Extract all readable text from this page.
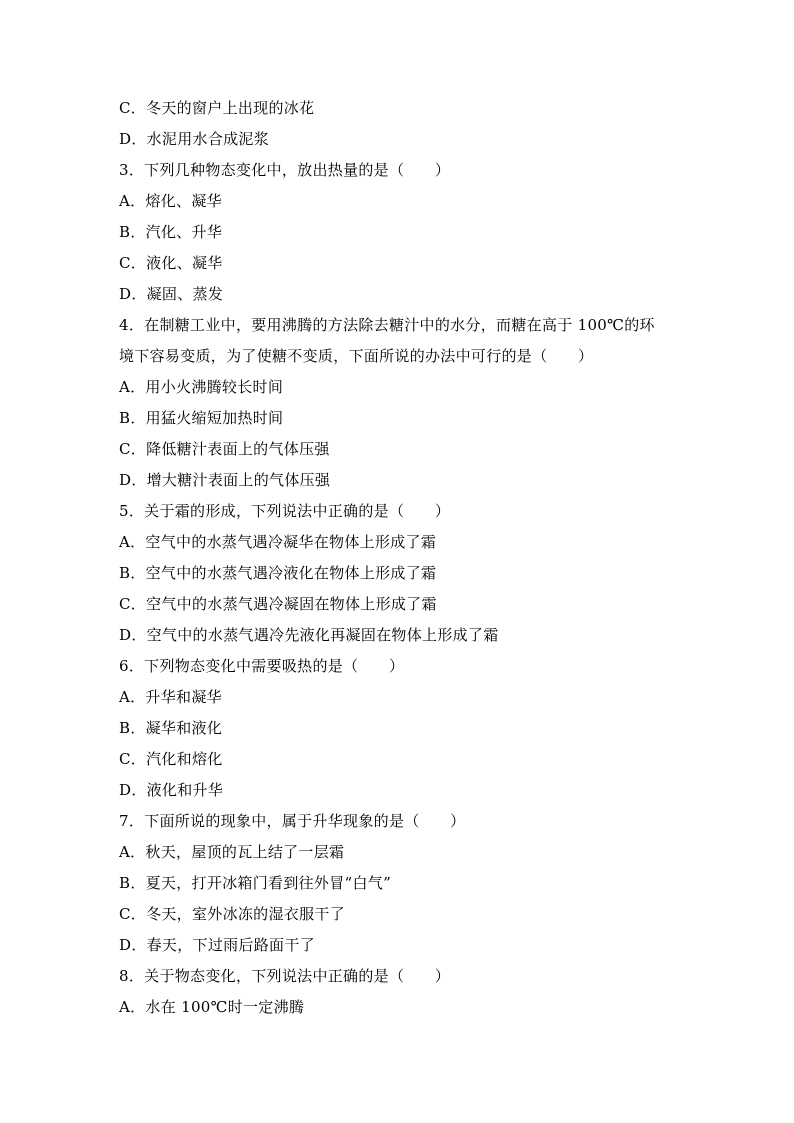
C．冬天的窗户上出现的冰花
D．水泥用水合成泥浆
3．下列几种物态变化中，放出热量的是（　　）
A．熔化、凝华
B．汽化、升华
C．液化、凝华
D．凝固、蒸发
4．在制糖工业中，要用沸腾的方法除去糖汁中的水分，而糖在高于 100℃的环
境下容易变质，为了使糖不变质，下面所说的办法中可行的是（　　）
A．用小火沸腾较长时间
B．用猛火缩短加热时间
C．降低糖汁表面上的气体压强
D．增大糖汁表面上的气体压强
5．关于霜的形成，下列说法中正确的是（　　）
A．空气中的水蒸气遇冷凝华在物体上形成了霜
B．空气中的水蒸气遇冷液化在物体上形成了霜
C．空气中的水蒸气遇冷凝固在物体上形成了霜
D．空气中的水蒸气遇冷先液化再凝固在物体上形成了霜
6．下列物态变化中需要吸热的是（　　）
A．升华和凝华
B．凝华和液化
C．汽化和熔化
D．液化和升华
7．下面所说的现象中，属于升华现象的是（　　）
A．秋天，屋顶的瓦上结了一层霜
B．夏天，打开冰箱门看到往外冒“白气”
C．冬天，室外冰冻的湿衣服干了
D．春天，下过雨后路面干了
8．关于物态变化，下列说法中正确的是（　　）
A．水在 100℃时一定沸腾
